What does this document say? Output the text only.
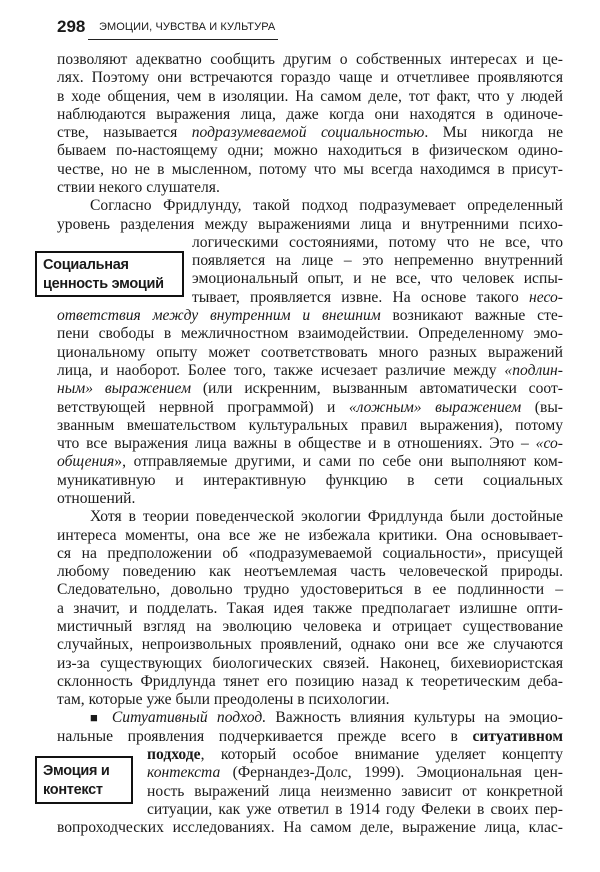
298 ЭМОЦИИ, ЧУВСТВА И КУЛЬТУРА
Социальная
ценность эмоций
Эмоция и
контекст
позволяют адекватно сообщить другим о собственных интересах и це-
лях. Поэтому они встречаются гораздо чаще и отчетливее проявляются
в ходе общения, чем в изоляции. На самом деле, тот факт, что у людей
наблюдаются выражения лица, даже когда они находятся в одиноче-
стве, называется подразумеваемой социальностью. Мы никогда не
бываем по-настоящему одни; можно находиться в физическом одино-
честве, но не в мысленном, потому что мы всегда находимся в присут-
ствии некого слушателя.
Согласно Фридлунду, такой подход подразумевает определенный
уровень разделения между выражениями лица и внутренними психо-
логическими состояниями, потому что не все, что
появляется на лице – это непременно внутренний
эмоциональный опыт, и не все, что человек испы-
тывает, проявляется извне. На основе такого несо-
ответствия между внутренним и внешним возникают важные сте-
пени свободы в межличностном взаимодействии. Определенному эмо-
циональному опыту может соответствовать много разных выражений
лица, и наоборот. Более того, также исчезает различие между «подлин-
ным» выражением (или искренним, вызванным автоматически соот-
ветствующей нервной программой) и «ложным» выражением (вы-
званным вмешательством культуральных правил выражения), потому
что все выражения лица важны в обществе и в отношениях. Это – «со-
общения», отправляемые другими, и сами по себе они выполняют ком-
муникативную и интерактивную функцию в сети социальных
отношений.
Хотя в теории поведенческой экологии Фридлунда были достойные
интереса моменты, она все же не избежала критики. Она основывает-
ся на предположении об «подразумеваемой социальности», присущей
любому поведению как неотъемлемая часть человеческой природы.
Следовательно, довольно трудно удостовериться в ее подлинности –
а значит, и подделать. Такая идея также предполагает излишне опти-
мистичный взгляд на эволюцию человека и отрицает существование
случайных, непроизвольных проявлений, однако они все же случаются
из-за существующих биологических связей. Наконец, бихевиористская
склонность Фридлунда тянет его позицию назад к теоретическим деба-
там, которые уже были преодолены в психологии.
■ Ситуативный подход. Важность влияния культуры на эмоцио-
нальные проявления подчеркивается прежде всего в ситуативном
подходе, который особое внимание уделяет концепту
контекста (Фернандез-Долс, 1999). Эмоциональная цен-
ность выражений лица неизменно зависит от конкретной
ситуации, как уже ответил в 1914 году Фелеки в своих пер-
вопроходческих исследованиях. На самом деле, выражение лица, клас-
